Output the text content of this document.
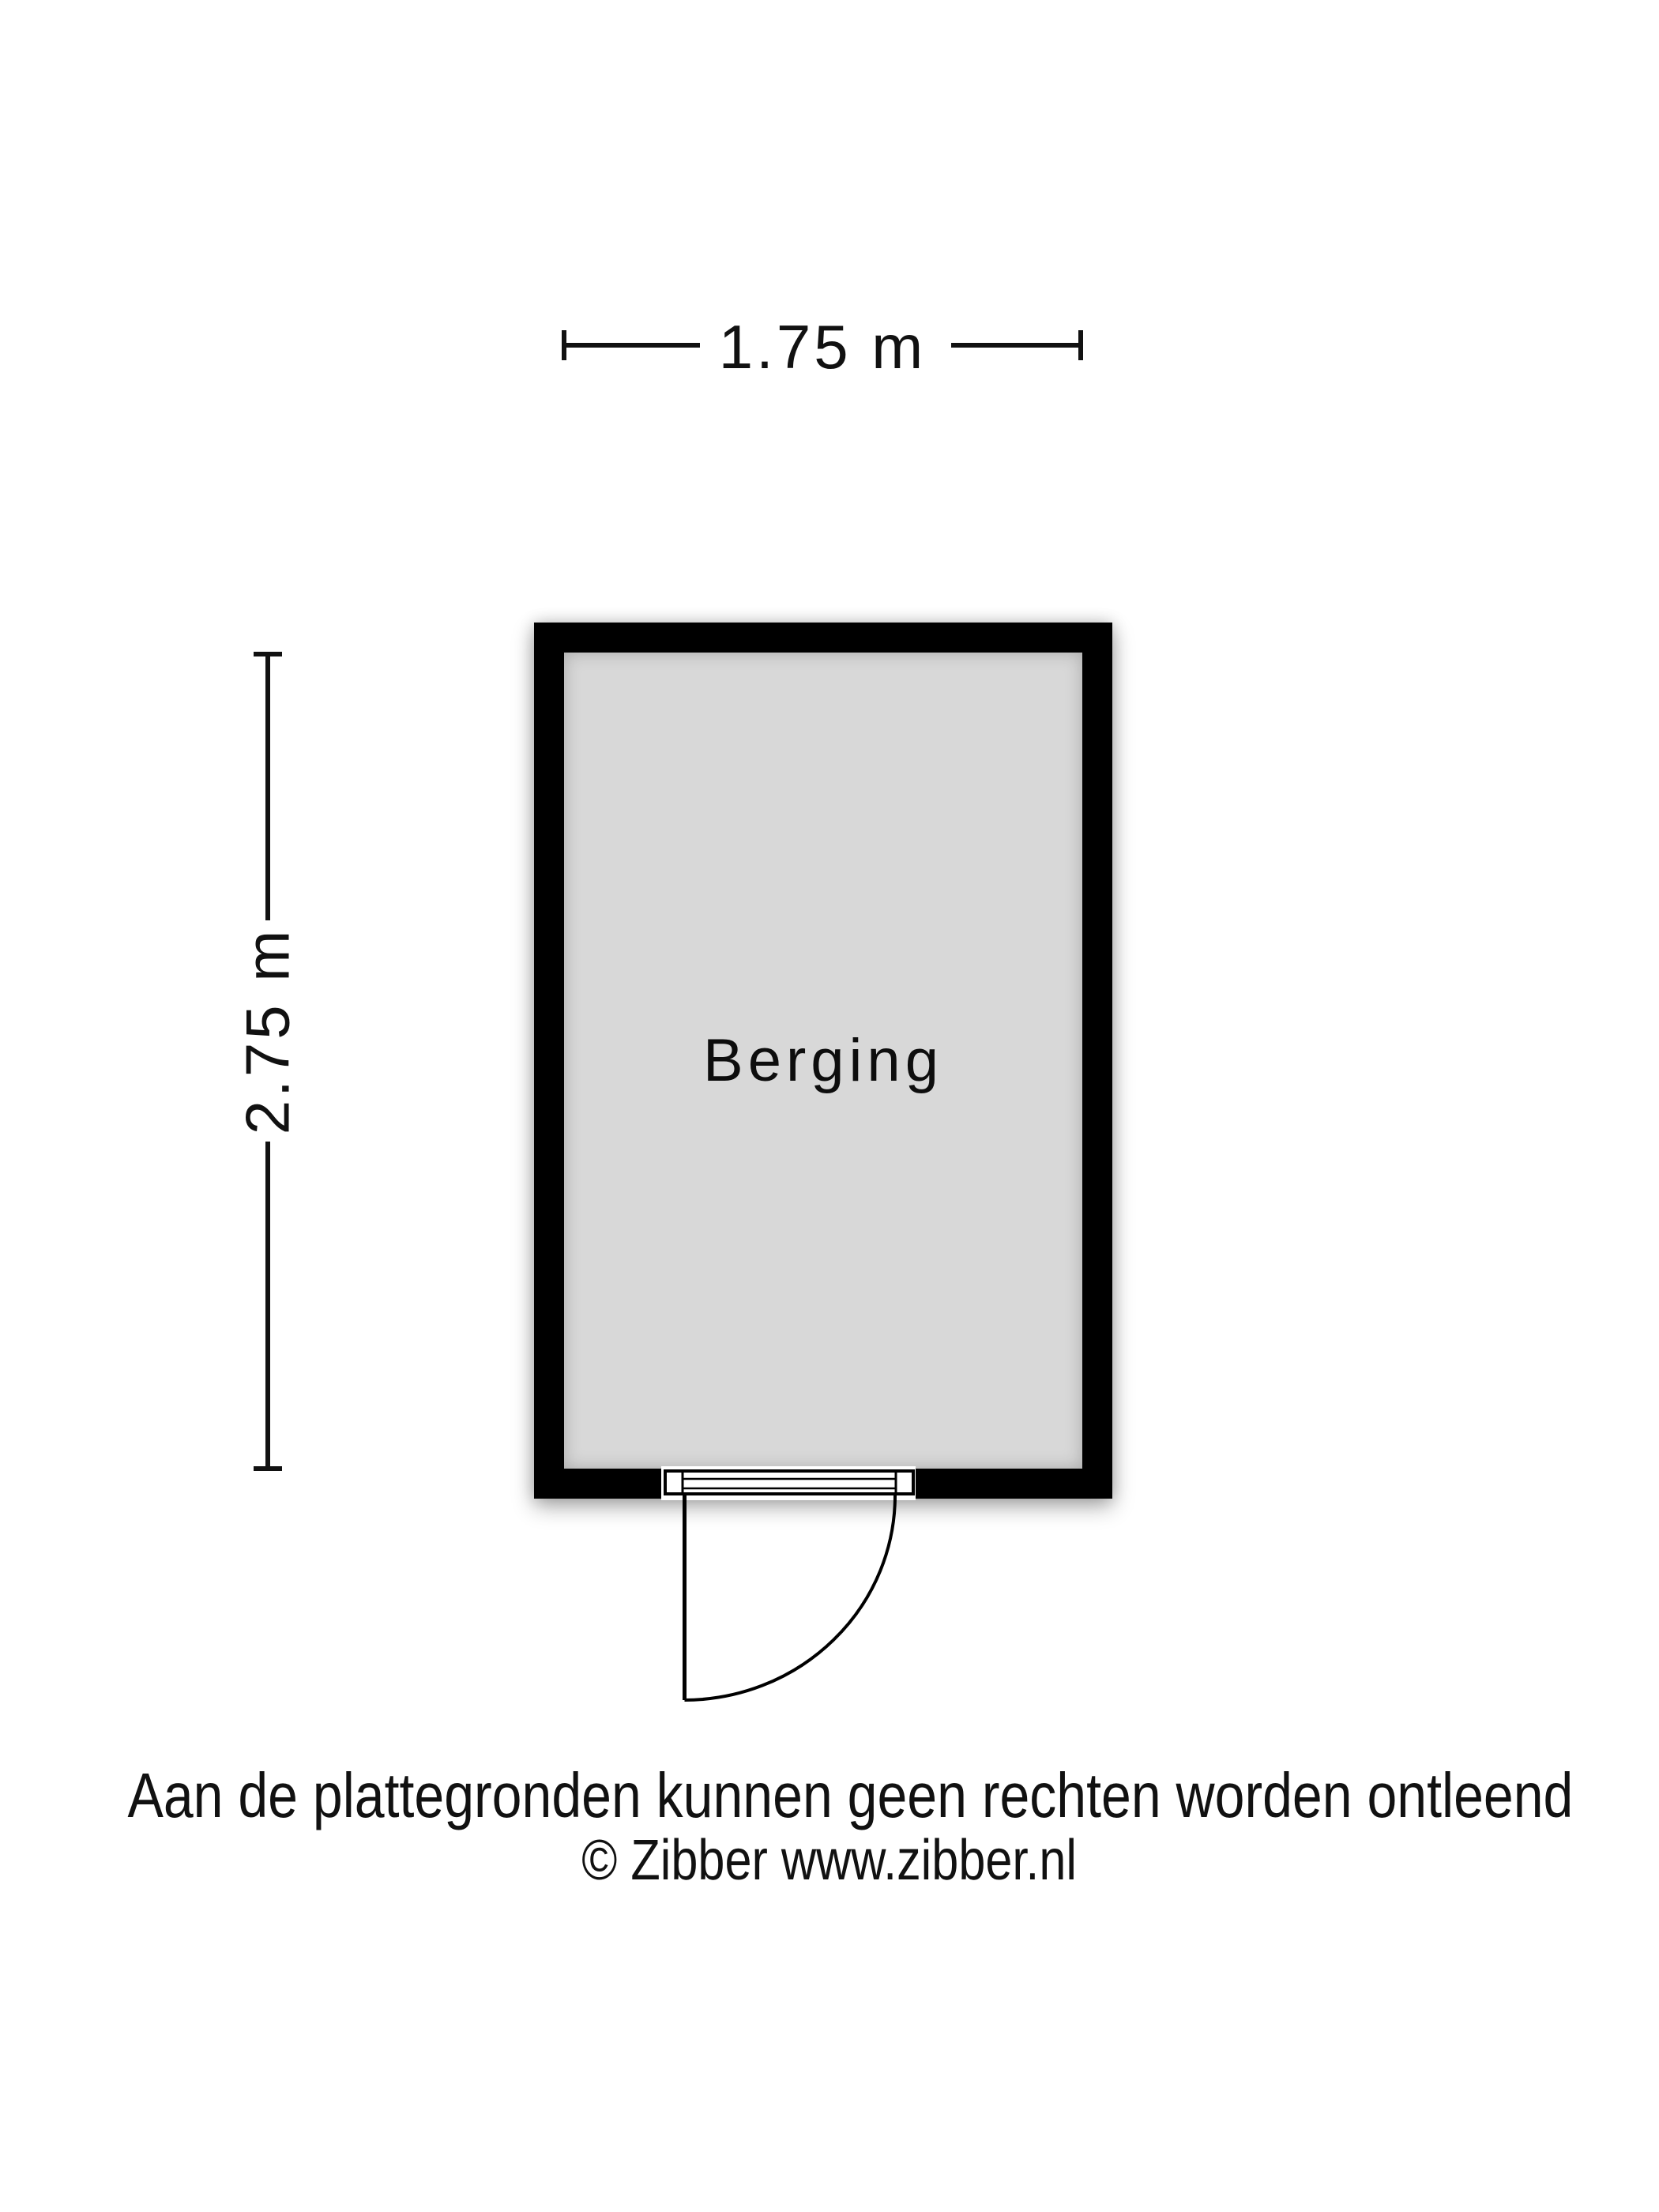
1.75 m
2.75 m	Berging
Aan de plattegronden kunnen geen rechten worden ontleend
© Zibber www.zibber.nl
